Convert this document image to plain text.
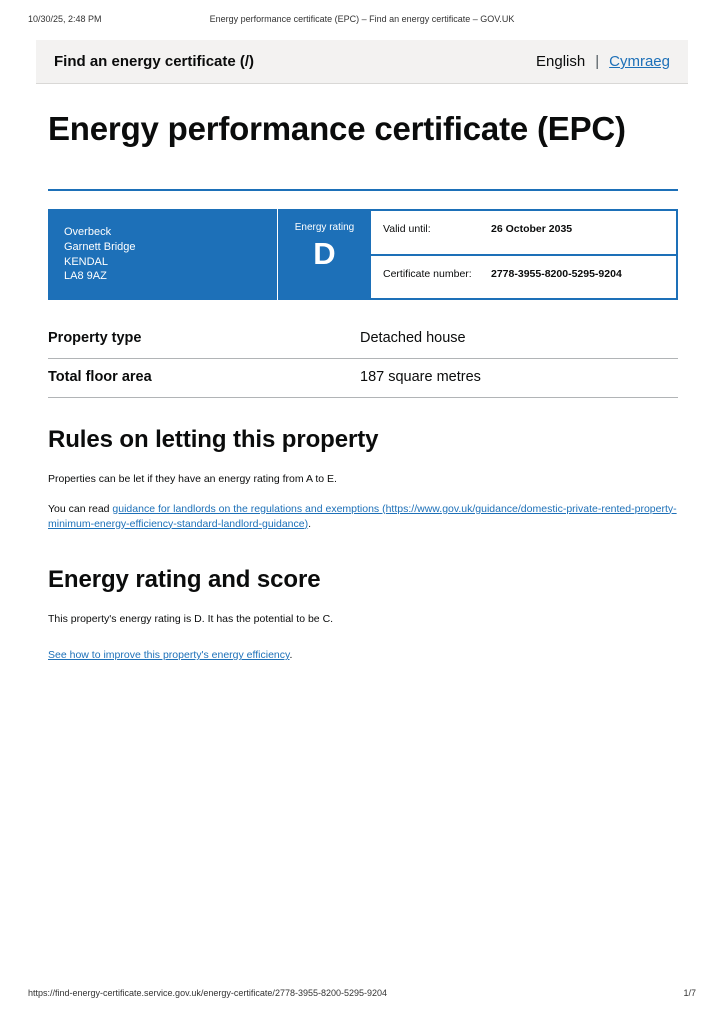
10/30/25, 2:48 PM	Energy performance certificate (EPC) – Find an energy certificate – GOV.UK
Find an energy certificate (/)	English | Cymraeg
Energy performance certificate (EPC)
Overbeck
Garnett Bridge
KENDAL
LA8 9AZ
Energy rating
D
Valid until:	26 October 2035
Certificate number:	2778-3955-8200-5295-9204
Property type	Detached house
Total floor area	187 square metres
Rules on letting this property

Properties can be let if they have an energy rating from A to E.

You can read guidance for landlords on the regulations and exemptions (https://www.gov.uk/guidance/domestic-private-rented-property-minimum-energy-efficiency-standard-landlord-guidance).

Energy rating and score

This property's energy rating is D. It has the potential to be C.

See how to improve this property's energy efficiency.
https://find-energy-certificate.service.gov.uk/energy-certificate/2778-3955-8200-5295-9204	1/7
